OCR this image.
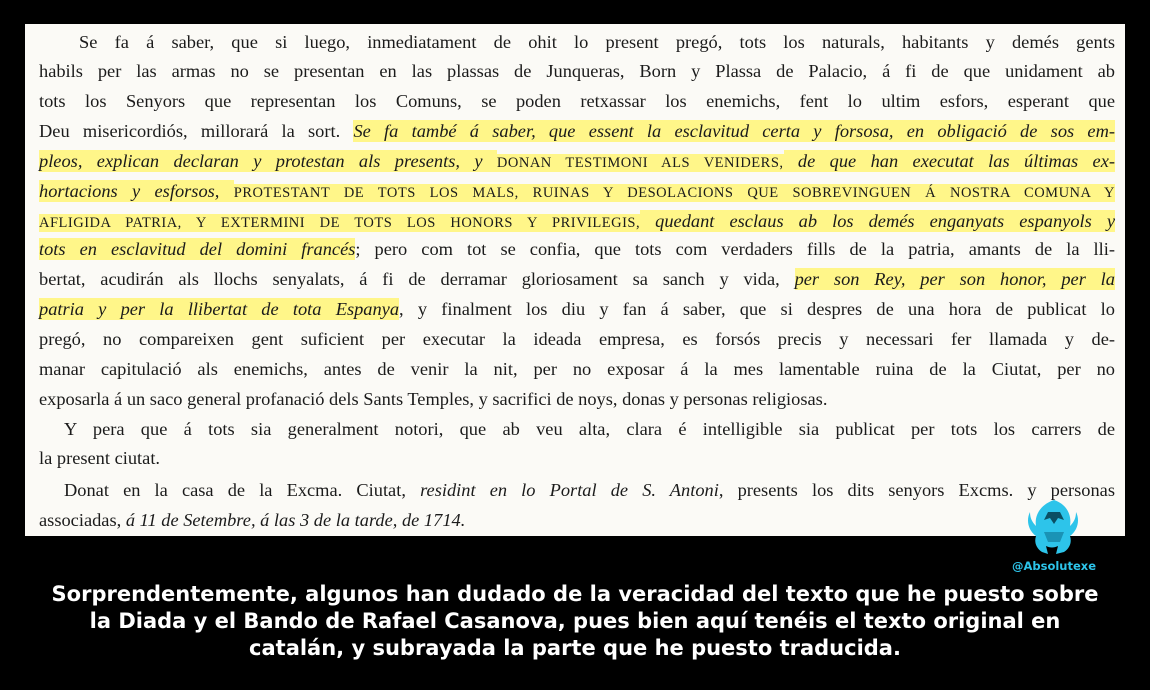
Se fa á saber, que si luego, inmediatament de ohit lo present pregó, tots los naturals, habitants y demés gents
habils per las armas no se presentan en las plassas de Junqueras, Born y Plassa de Palacio, á fi de que unidament ab
tots los Senyors que representan los Comuns, se poden retxassar los enemichs, fent lo ultim esfors, esperant que
Deu misericordiós, millorará la sort. Se fa també á saber, que essent la esclavitud certa y forsosa, en obligació de sos em-
pleos, explican declaran y protestan als presents, y DONAN TESTIMONI ALS VENIDERS, de que han executat las últimas ex-
hortacions y esforsos, PROTESTANT DE TOTS LOS MALS, RUINAS Y DESOLACIONS QUE SOBREVINGUEN Á NOSTRA COMUNA Y
AFLIGIDA PATRIA, Y EXTERMINI DE TOTS LOS HONORS Y PRIVILEGIS, quedant esclaus ab los demés enganyats espanyols y
tots en esclavitud del domini francés; pero com tot se confia, que tots com verdaders fills de la patria, amants de la lli-
bertat, acudirán als llochs senyalats, á fi de derramar gloriosament sa sanch y vida, per son Rey, per son honor, per la
patria y per la llibertat de tota Espanya, y finalment los diu y fan á saber, que si despres de una hora de publicat lo
pregó, no compareixen gent suficient per executar la ideada empresa, es forsós precis y necessari fer llamada y de-
manar capitulació als enemichs, antes de venir la nit, per no exposar á la mes lamentable ruina de la Ciutat, per no
exposarla á un saco general profanació dels Sants Temples, y sacrifici de noys, donas y personas religiosas.
Y pera que á tots sia generalment notori, que ab veu alta, clara é intelligible sia publicat per tots los carrers de
la present ciutat.
Donat en la casa de la Excma. Ciutat, residint en lo Portal de S. Antoni, presents los dits senyors Excms. y personas
associadas, á 11 de Setembre, á las 3 de la tarde, de 1714.
@Absolutexe
Sorprendentemente, algunos han dudado de la veracidad del texto que he puesto sobre
la Diada y el Bando de Rafael Casanova, pues bien aquí tenéis el texto original en
catalán, y subrayada la parte que he puesto traducida.
